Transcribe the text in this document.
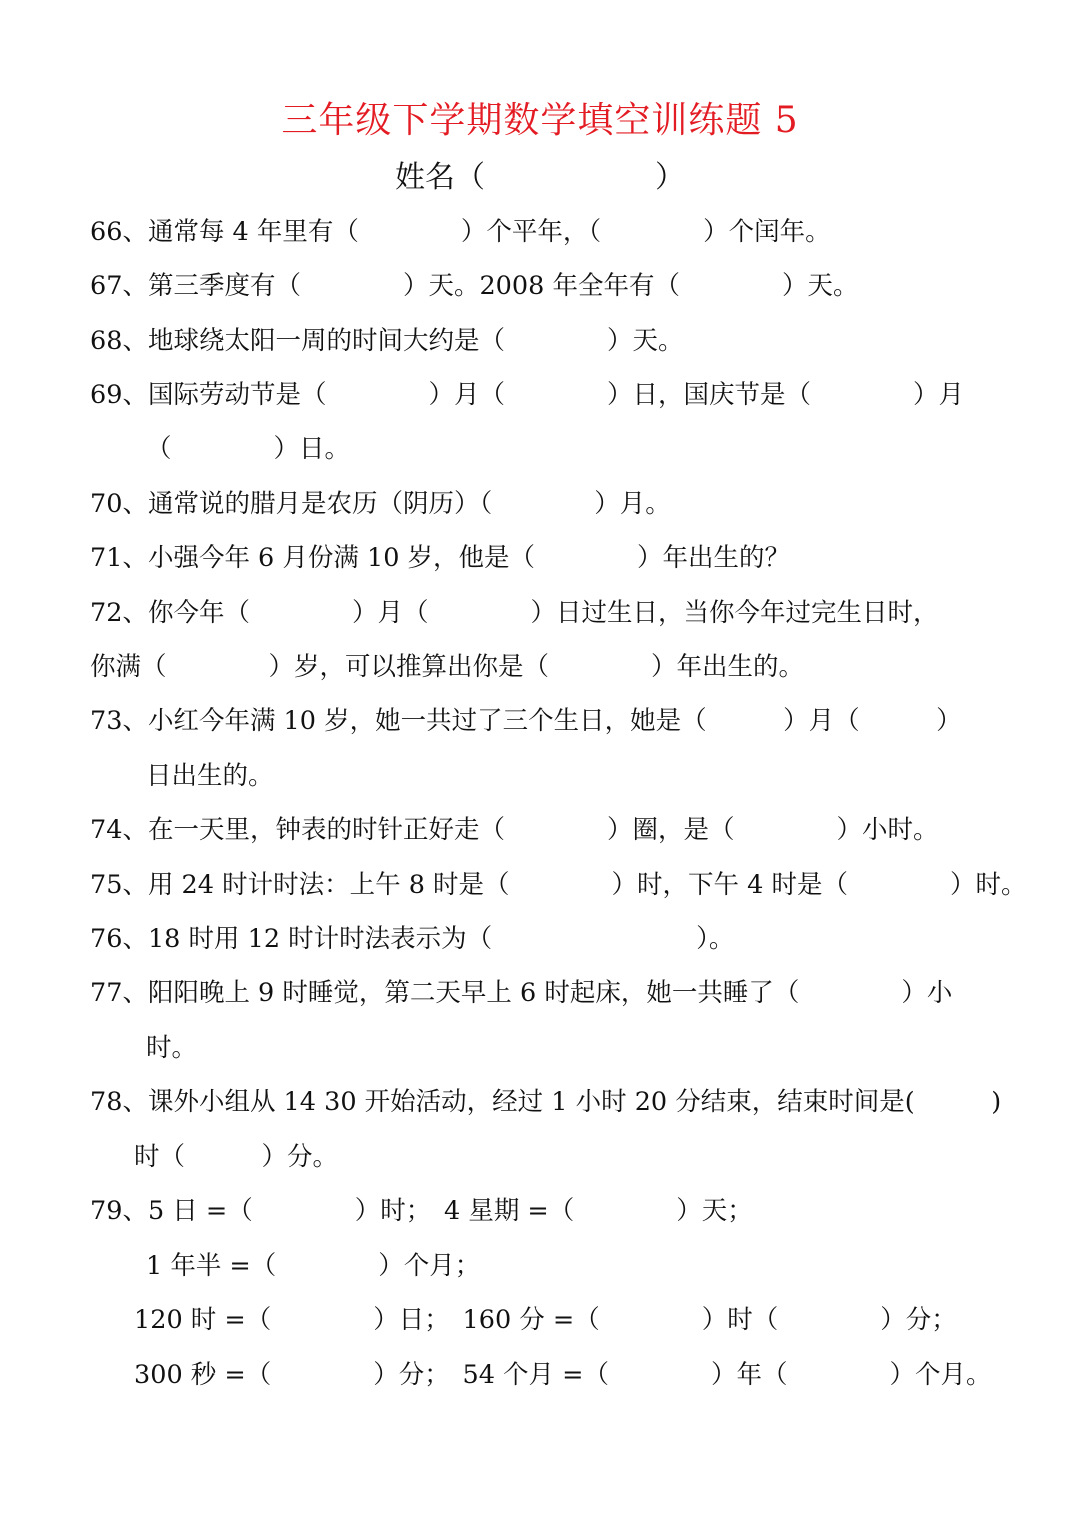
三年级下学期数学填空训练题 5
姓名（	）
66、通常每 4 年里有（　　　　）个平年，（　　　　）个闰年。
67、第三季度有（　　　　）天。2008 年全年有（　　　　）天。
68、地球绕太阳一周的时间大约是（　　　　）天。
69、国际劳动节是（　　　　）月（　　　　）日，国庆节是（　　　　）月
（　　　　）日。
70、通常说的腊月是农历（阴历）（　　　　）月。
71、小强今年 6 月份满 10 岁，他是（　　　　）年出生的？
72、你今年（　　　　）月（　　　　）日过生日，当你今年过完生日时，
你满（　　　　）岁，可以推算出你是（　　　　）年出生的。
73、小红今年满 10 岁，她一共过了三个生日，她是（　　　）月（　　　）
日出生的。
74、在一天里，钟表的时针正好走（　　　　）圈，是（　　　　）小时。
75、用 24 时计时法：上午 8 时是（　　　　）时，下午 4 时是（　　　　）时。
76、18 时用 12 时计时法表示为（　　　　　　　　）。
77、阳阳晚上 9 时睡觉，第二天早上 6 时起床，她一共睡了（　　　　）小
时。
78、课外小组从 14 30 开始活动，经过 1 小时 20 分结束，结束时间是(　　　)
时（　　　）分。
79、5 日 =（　　　　）时；　4 星期 =（　　　　）天；
1 年半 =（　　　　）个月；
120 时 =（　　　　）日；　160 分 =（　　　　）时（　　　　）分；
300 秒 =（　　　　）分；　54 个月 =（　　　　）年（　　　　）个月。
